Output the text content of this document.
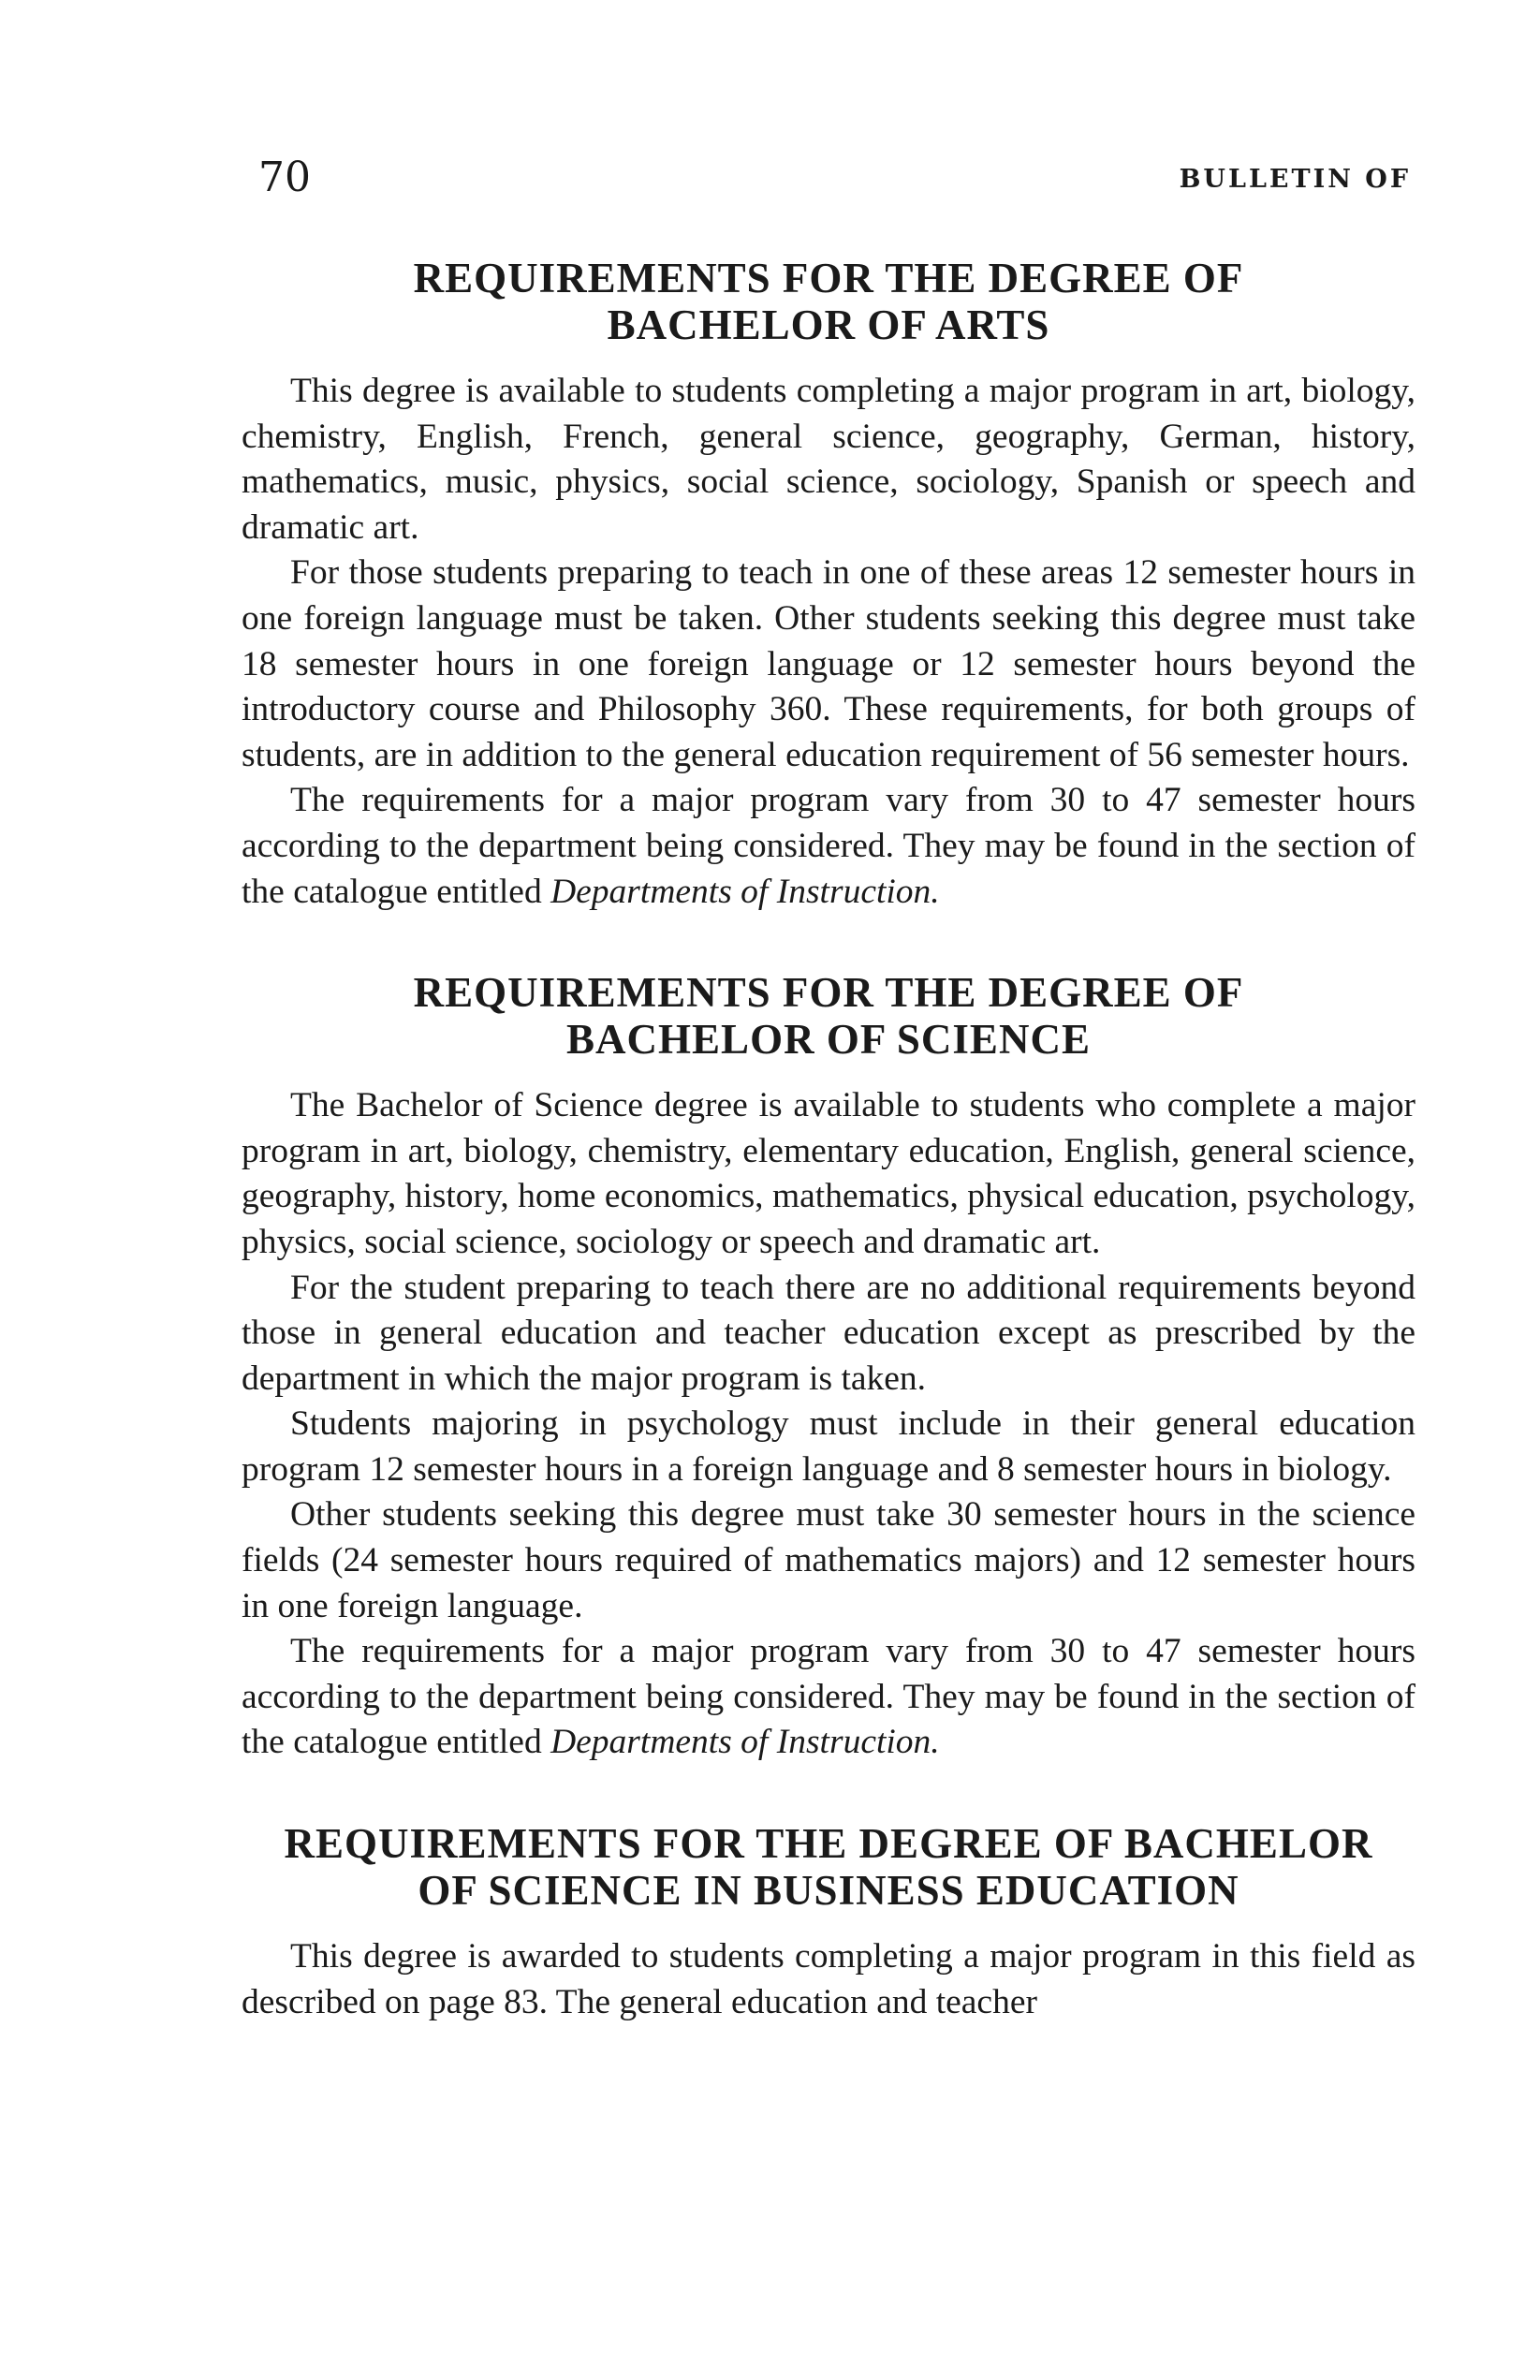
70	BULLETIN OF
REQUIREMENTS FOR THE DEGREE OF
BACHELOR OF ARTS

This degree is available to students completing a major program in art, biology, chemistry, English, French, general science, geography, German, history, mathematics, music, physics, social science, sociology, Spanish or speech and dramatic art.

For those students preparing to teach in one of these areas 12 semester hours in one foreign language must be taken. Other students seeking this degree must take 18 semester hours in one foreign language or 12 semester hours beyond the introductory course and Philosophy 360. These requirements, for both groups of students, are in addition to the general education requirement of 56 semester hours.

The requirements for a major program vary from 30 to 47 semester hours according to the department being considered. They may be found in the section of the catalogue entitled Departments of Instruction.

REQUIREMENTS FOR THE DEGREE OF
BACHELOR OF SCIENCE

The Bachelor of Science degree is available to students who complete a major program in art, biology, chemistry, elementary education, English, general science, geography, history, home economics, mathematics, physical education, psychology, physics, social science, sociology or speech and dramatic art.

For the student preparing to teach there are no additional requirements beyond those in general education and teacher education except as prescribed by the department in which the major program is taken.

Students majoring in psychology must include in their general education program 12 semester hours in a foreign language and 8 semester hours in biology.

Other students seeking this degree must take 30 semester hours in the science fields (24 semester hours required of mathematics majors) and 12 semester hours in one foreign language.

The requirements for a major program vary from 30 to 47 semester hours according to the department being considered. They may be found in the section of the catalogue entitled Departments of Instruction.

REQUIREMENTS FOR THE DEGREE OF BACHELOR
OF SCIENCE IN BUSINESS EDUCATION

This degree is awarded to students completing a major program in this field as described on page 83. The general education and teacher
